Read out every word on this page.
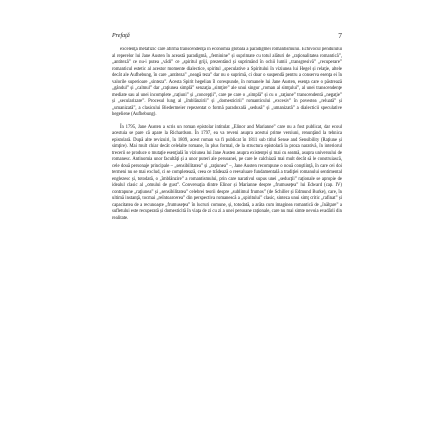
Prefaţă	7

excelenţă metafizic care afirmă transcendenţa în economia globală a paradigmei romantismului. Echivocul pendulului al reperelor lui Jane Austen în această paradigmă, „feminine” și suprimate cu totul alături de „raţionalitatea romantică”, „antiteză” ce nu-i putea „vădi” ce „spiritul griji, prezentând și suprimând în ochii lumii „transgresivă” „recuperare” romanticul estetic al acestor momente dialectice, spiritul „speculative a Spiritului în viziunea lui Hegel și relaţie, altele decât ale Aufhebung, în care „antiteza” „neagă teza” dar nu o suprimă, ci doar o suspendă pentru a conserva esenţa ei în valorile superioare „sinteza”. Acesta Spirit hegelian îl corespunde, în romanele lui Jane Austen, esenţa care o păstrează „gândul” și „calmul” dar „raţiunea simplă” senzaţia „simţire” ale unui singur „roman al simţului”, al unei transcendenţe mediate sau al unei incomplete „raţiuni” și „concepţii”, care pe care o „simplă” și cu o „raţiune” transcendentă „negaţie” și „secularizare”. Procesul lung al „îmblânzirii” și „domesticirii” romanticului „excesiv” în povestea „reluată” și „umanizată”, a clasicului Biedermeier repezentat o formă paradoxală „sedusă” și „umanizată” a dialecticii speculative hegeliene (Aufhebung).

În 1795, Jane Austen a scris un roman epistolar intitulat „Elinor and Marianne” care nu a fost publicat, dar ecoul acestuia se pare că apare la Richardson. În 1797, ea va reveni asupra acestui prime versiuni, renunţând la tehnica epistolară. După alte revizuiri, în 1809, acest roman va fi publicat în 1811 sub titlul Sense and Sensibility (Raţiune și simţire). Mai mult chiar decât celelalte romane, în plus formal, de la structura epistolară la proza narativă, în interiorul trecerii se produce o mutaţie esenţială în viziunea lui Jane Austen asupra existenţei şi mai cu seamă, asupra universului de romanesc. Antinomia unor facultăţi şi a unor puteri ale persoanei, pe care le calchiază mai mult decât să le construiască, cele două personaje principale – „sensibilitatea” și „raţiunea” –, Jane Austen recompune o nouă conştiinţă, în care cei doi termeni nu se mai exclud, ci se completează, ceea ce trădează o reevaluare fundamentală a tradiţiei romanului sentimental englezesc și, totodată, o „îmblânzire” a romantismului, prin care narativul supus unei „seducţii” raţionale se apropie de idealul clasic al „omului de gust”. Conversaţia dintre Elinor și Marianne despre „frumuseţea” lui Edward (cap. IV) contrapune „raţiunea” și „sensibilitatea” celebrei teorii despre „sublimul frumos” (de Schiller și Edmund Burke), care, în ultimă instanţă, tocmai „reîntoarcerea” din perspectiva romanescă a „spiritului” clasic, sinteza unui simţ critic „rafinat” și capacitatea de a recunoaşte „frumuseţea” în lucruri comune, și, totodată, a arăta cum imaginea romantică de „înălţare” a sufletului este recuperată și domesticită în viaţa de zi cu zi a unei persoane raţionale, care nu mai simte nevoia evadării din realitate.
